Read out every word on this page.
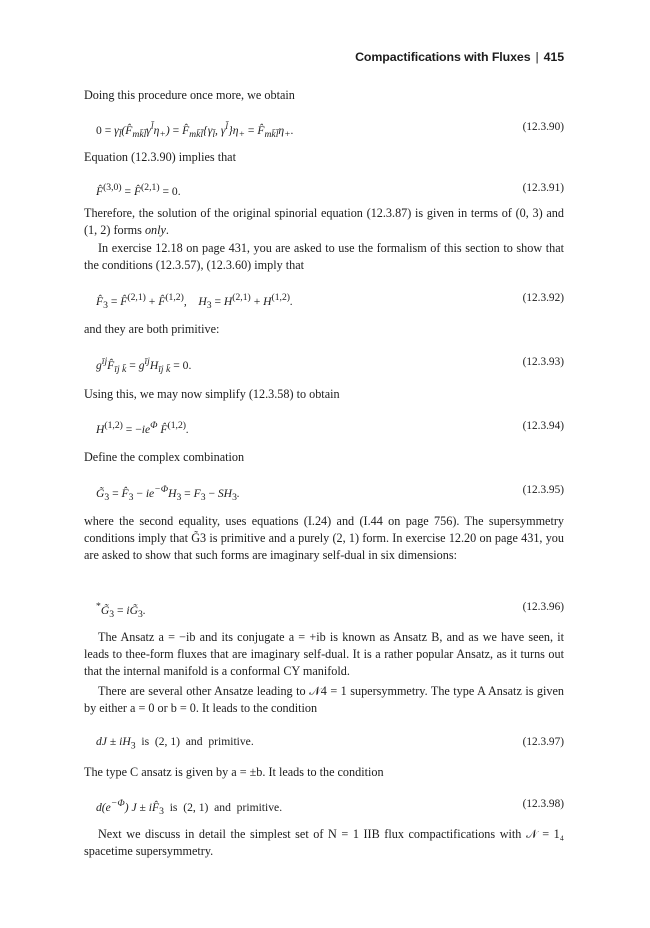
Compactifications with Fluxes | 415
Doing this procedure once more, we obtain
$0 = \gamma_{l̄}(F̂_{mk̄l̄}\gamma^{l̄}\eta_+)$ = $F̂_{mk̄l̄}\{\gamma_{l̄}$, $\gamma^{l̄}\}\eta_+$ = $F̂_{mk̄l̄}\eta_+$.	(12.3.90)
Equation (12.3.90) implies that
F̂$^{(3,0)}$ = F̂$^{(2,1)}$ = 0.	(12.3.91)
Therefore, the solution of the original spinorial equation (12.3.87) is given in terms of (0, 3) and (1, 2) forms only.
In exercise 12.18 on page 431, you are asked to use the formalism of this section to show that the conditions (12.3.57), (12.3.60) imply that
$F̂_3$ = F̂$^{(2,1)}$ + F̂$^{(1,2)}$,    $H_3 = H^{(2,1)} + H^{(1,2)}$.	(12.3.92)
and they are both primitive:
$g^{īj}F̂_{īj k̄} = g^{īj}H_{īj k̄} = 0$.	(12.3.93)
Using this, we may now simplify (12.3.58) to obtain
$H^{(1,2)} = -ie^\Phi$ F̂$^{(1,2)}$.	(12.3.94)
Define the complex combination
$G̃_3$ = $F̂_3 - ie^{-\Phi}H_3 = F_3 - SH_3$.	(12.3.95)
where the second equality, uses equations (I.24) and (I.44 on page 756). The supersymmetry conditions imply that G̃3 is primitive and a purely (2, 1) form. In exercise 12.20 on page 431, you are asked to show that such forms are imaginary self-dual in six dimensions:
$^*G̃_3$ = $iG̃_3$.	(12.3.96)
The Ansatz a = −ib and its conjugate a = +ib is known as Ansatz B, and as we have seen, it leads to thee-form fluxes that are imaginary self-dual. It is a rather popular Ansatz, as it turns out that the internal manifold is a conformal CY manifold.
There are several other Ansatze leading to 𝒩4 = 1 supersymmetry. The type A Ansatz is given by either a = 0 or b = 0. It leads to the condition
dJ ± $iH_3$  is  (2, 1)  and  primitive.	(12.3.97)
The type C ansatz is given by a = ±b. It leads to the condition
$d(e^{-\Phi}) J$ ± $iF̂_3$  is  (2, 1)  and  primitive.	(12.3.98)
Next we discuss in detail the simplest set of N = 1 IIB flux compactifications with 𝒩 = 1₄ spacetime supersymmetry.
